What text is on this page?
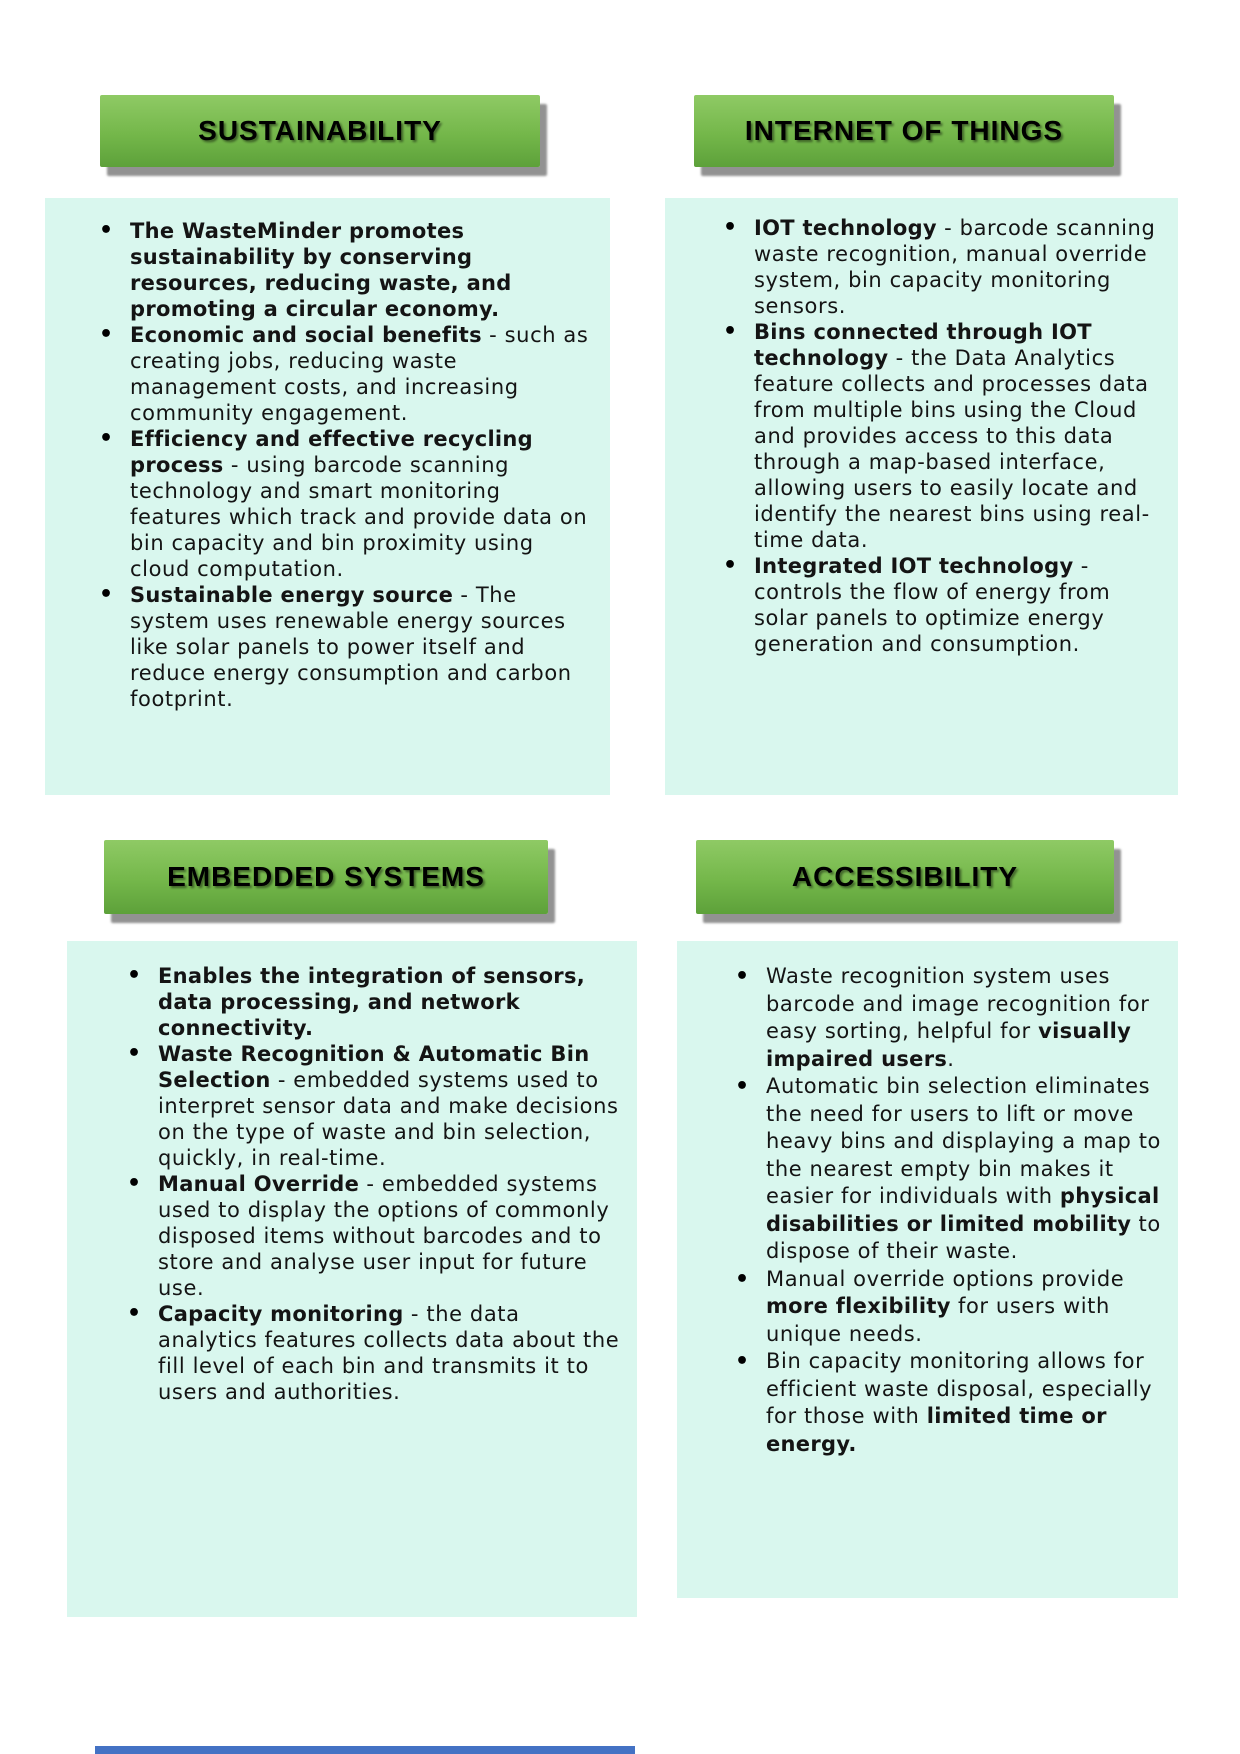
SUSTAINABILITY
• The WasteMinder promotes sustainability by conserving resources, reducing waste, and promoting a circular economy.
• Economic and social benefits - such as creating jobs, reducing waste management costs, and increasing community engagement.
• Efficiency and effective recycling process - using barcode scanning technology and smart monitoring features which track and provide data on bin capacity and bin proximity using cloud computation.
• Sustainable energy source - The system uses renewable energy sources like solar panels to power itself and reduce energy consumption and carbon footprint.
INTERNET OF THINGS
• IOT technology - barcode scanning waste recognition, manual override system, bin capacity monitoring sensors.
• Bins connected through IOT technology - the Data Analytics feature collects and processes data from multiple bins using the Cloud and provides access to this data through a map-based interface, allowing users to easily locate and identify the nearest bins using real-time data.
• Integrated IOT technology - controls the flow of energy from solar panels to optimize energy generation and consumption.
EMBEDDED SYSTEMS
• Enables the integration of sensors, data processing, and network connectivity.
• Waste Recognition & Automatic Bin Selection - embedded systems used to interpret sensor data and make decisions on the type of waste and bin selection, quickly, in real-time.
• Manual Override - embedded systems used to display the options of commonly disposed items without barcodes and to store and analyse user input for future use.
• Capacity monitoring - the data analytics features collects data about the fill level of each bin and transmits it to users and authorities.
ACCESSIBILITY
• Waste recognition system uses barcode and image recognition for easy sorting, helpful for visually impaired users.
• Automatic bin selection eliminates the need for users to lift or move heavy bins and displaying a map to the nearest empty bin makes it easier for individuals with physical disabilities or limited mobility to dispose of their waste.
• Manual override options provide more flexibility for users with unique needs.
• Bin capacity monitoring allows for efficient waste disposal, especially for those with limited time or energy.
